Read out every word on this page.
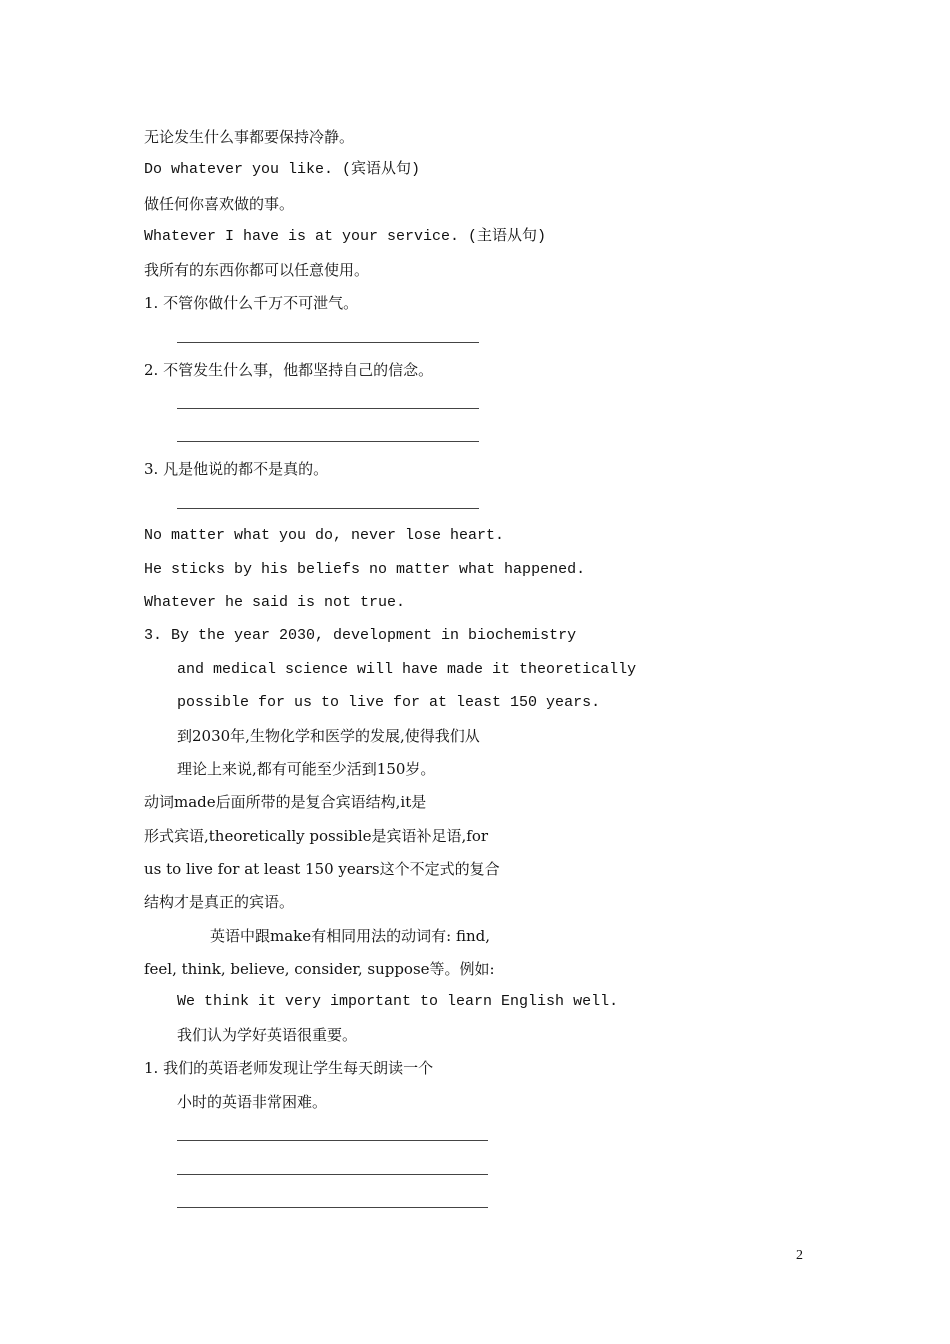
无论发生什么事都要保持冷静。
Do whatever you like. (宾语从句)
做任何你喜欢做的事。
Whatever I have is at your service. (主语从句)
我所有的东西你都可以任意使用。
1. 不管你做什么千万不可泄气。
2. 不管发生什么事，他都坚持自己的信念。
3. 凡是他说的都不是真的。
No matter what you do, never lose heart.
He sticks by his beliefs no matter what happened.
Whatever he said is not true.
3. By the year 2030, development in biochemistry
and medical science will have made it theoretically
possible for us to live for at least 150 years.
到2030年,生物化学和医学的发展,使得我们从
理论上来说,都有可能至少活到150岁。
动词made后面所带的是复合宾语结构,it是
形式宾语,theoretically possible是宾语补足语,for
us to live for at least 150 years这个不定式的复合
结构才是真正的宾语。
英语中跟make有相同用法的动词有: find,
feel, think, believe, consider, suppose等。例如:
We think it very important to learn English well.
我们认为学好英语很重要。
1. 我们的英语老师发现让学生每天朗读一个
小时的英语非常困难。
2
